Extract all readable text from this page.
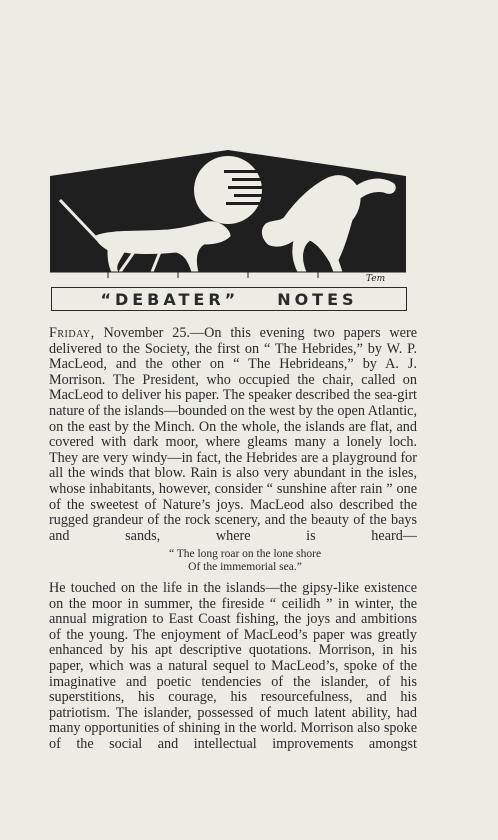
Tem
“DEBATER” NOTES
Friday, November 25.—On this evening two papers were delivered to the Society, the first on “ The Hebrides,” by W. P. MacLeod, and the other on “ The Hebrideans,” by A. J. Morrison. The President, who occupied the chair, called on MacLeod to deliver his paper. The speaker described the sea-girt nature of the islands—bounded on the west by the open Atlantic, on the east by the Minch. On the whole, the islands are flat, and covered with dark moor, where gleams many a lonely loch. They are very windy—in fact, the Hebrides are a playground for all the winds that blow. Rain is also very abundant in the isles, whose inhabitants, however, consider “ sunshine after rain ” one of the sweetest of Nature’s joys. MacLeod also described the rugged grandeur of the rock scenery, and the beauty of the bays and sands, where is heard—
“ The long roar on the lone shore
Of the immemorial sea.”
He touched on the life in the islands—the gipsy-like existence on the moor in summer, the fireside “ ceilidh ” in winter, the annual migration to East Coast fishing, the joys and ambitions of the young. The enjoyment of MacLeod’s paper was greatly enhanced by his apt descriptive quotations. Morrison, in his paper, which was a natural sequel to MacLeod’s, spoke of the imaginative and poetic tendencies of the islander, of his superstitions, his courage, his resourcefulness, and his patriotism. The islander, possessed of much latent ability, had many opportunities of shining in the world. Morrison also spoke of the social and intellectual improvements amongst
